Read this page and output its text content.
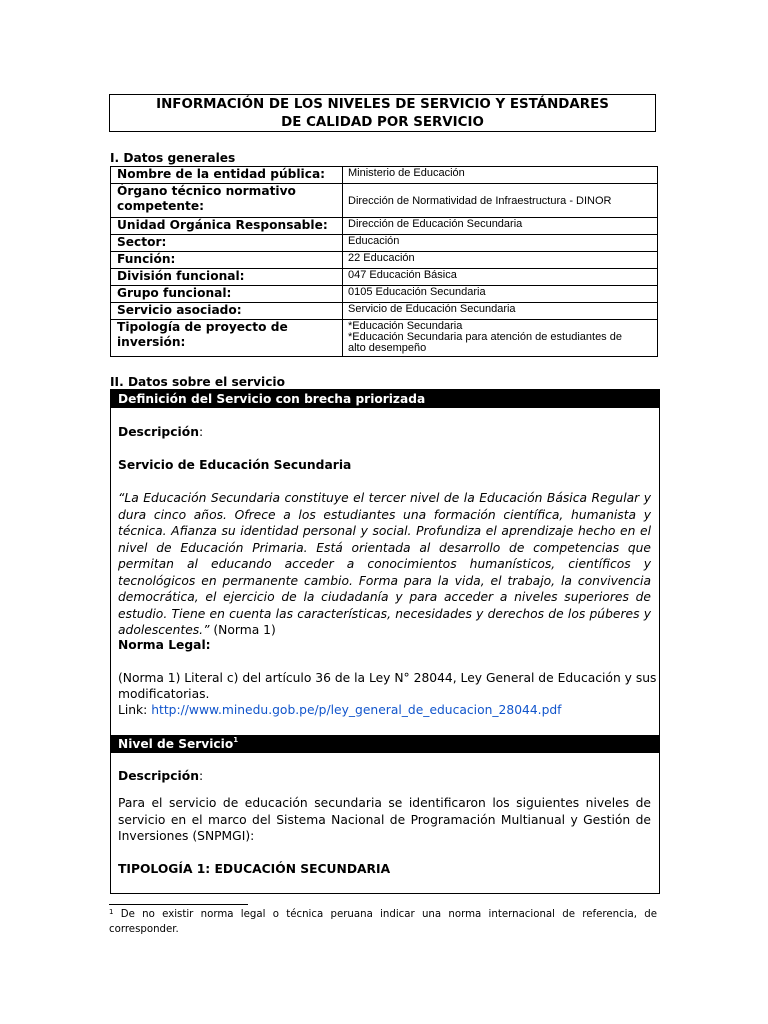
INFORMACIÓN DE LOS NIVELES DE SERVICIO Y ESTÁNDARES
DE CALIDAD POR SERVICIO
I. Datos generales
Nombre de la entidad pública:	Ministerio de Educación
Órgano técnico normativo competente:	Dirección de Normatividad de Infraestructura - DINOR
Unidad Orgánica Responsable:	Dirección de Educación Secundaria
Sector:	Educación
Función:	22 Educación
División funcional:	047 Educación Básica
Grupo funcional:	0105 Educación Secundaria
Servicio asociado:	Servicio de Educación Secundaria
Tipología de proyecto de inversión:	*Educación Secundaria
*Educación Secundaria para atención de estudiantes de
alto desempeño
II. Datos sobre el servicio
Definición del Servicio con brecha priorizada
Descripción:
Servicio de Educación Secundaria
“La Educación Secundaria constituye el tercer nivel de la Educación Básica Regular y dura cinco años. Ofrece a los estudiantes una formación científica, humanista y técnica. Afianza su identidad personal y social. Profundiza el aprendizaje hecho en el nivel de Educación Primaria. Está orientada al desarrollo de competencias que permitan al educando acceder a conocimientos humanísticos, científicos y tecnológicos en permanente cambio. Forma para la vida, el trabajo, la convivencia democrática, el ejercicio de la ciudadanía y para acceder a niveles superiores de estudio. Tiene en cuenta las características, necesidades y derechos de los púberes y adolescentes.” (Norma 1)
Norma Legal:
(Norma 1) Literal c) del artículo 36 de la Ley N° 28044, Ley General de Educación y sus
modificatorias.
Link: http://www.minedu.gob.pe/p/ley_general_de_educacion_28044.pdf
Nivel de Servicio$^1$
Descripción:
Para el servicio de educación secundaria se identificaron los siguientes niveles de servicio en el marco del Sistema Nacional de Programación Multianual y Gestión de Inversiones (SNPMGI):
TIPOLOGÍA 1: EDUCACIÓN SECUNDARIA
$^1$ De no existir norma legal o técnica peruana indicar una norma internacional de referencia, de corresponder.
